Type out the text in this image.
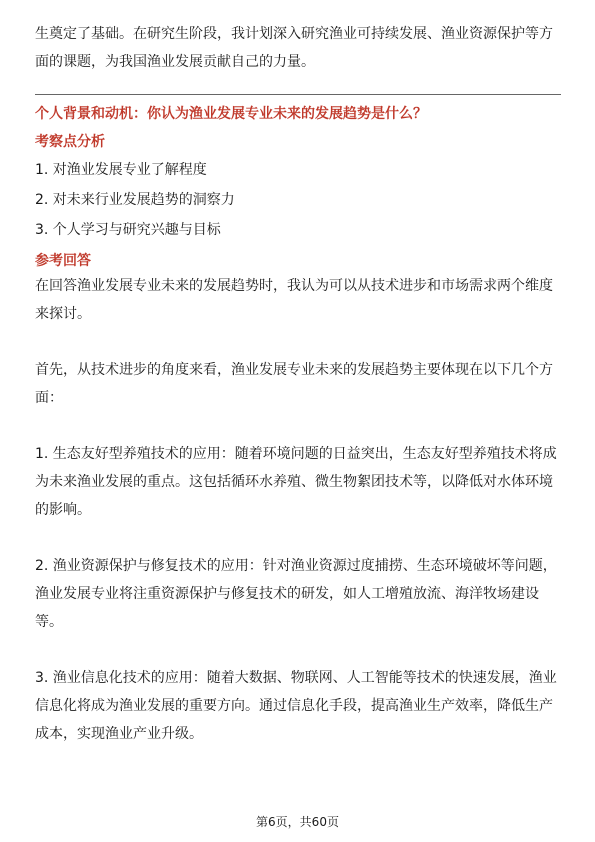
生奠定了基础。在研究生阶段，我计划深入研究渔业可持续发展、渔业资源保护等方面的课题，为我国渔业发展贡献自己的力量。

个人背景和动机：你认为渔业发展专业未来的发展趋势是什么？

考察点分析

1. 对渔业发展专业了解程度
2. 对未来行业发展趋势的洞察力
3. 个人学习与研究兴趣与目标

参考回答

在回答渔业发展专业未来的发展趋势时，我认为可以从技术进步和市场需求两个维度来探讨。

首先，从技术进步的角度来看，渔业发展专业未来的发展趋势主要体现在以下几个方面：

1. 生态友好型养殖技术的应用：随着环境问题的日益突出，生态友好型养殖技术将成为未来渔业发展的重点。这包括循环水养殖、微生物絮团技术等，以降低对水体环境的影响。

2. 渔业资源保护与修复技术的应用：针对渔业资源过度捕捞、生态环境破坏等问题，渔业发展专业将注重资源保护与修复技术的研发，如人工增殖放流、海洋牧场建设等。

3. 渔业信息化技术的应用：随着大数据、物联网、人工智能等技术的快速发展，渔业信息化将成为渔业发展的重要方向。通过信息化手段，提高渔业生产效率，降低生产成本，实现渔业产业升级。

第6页，共60页
